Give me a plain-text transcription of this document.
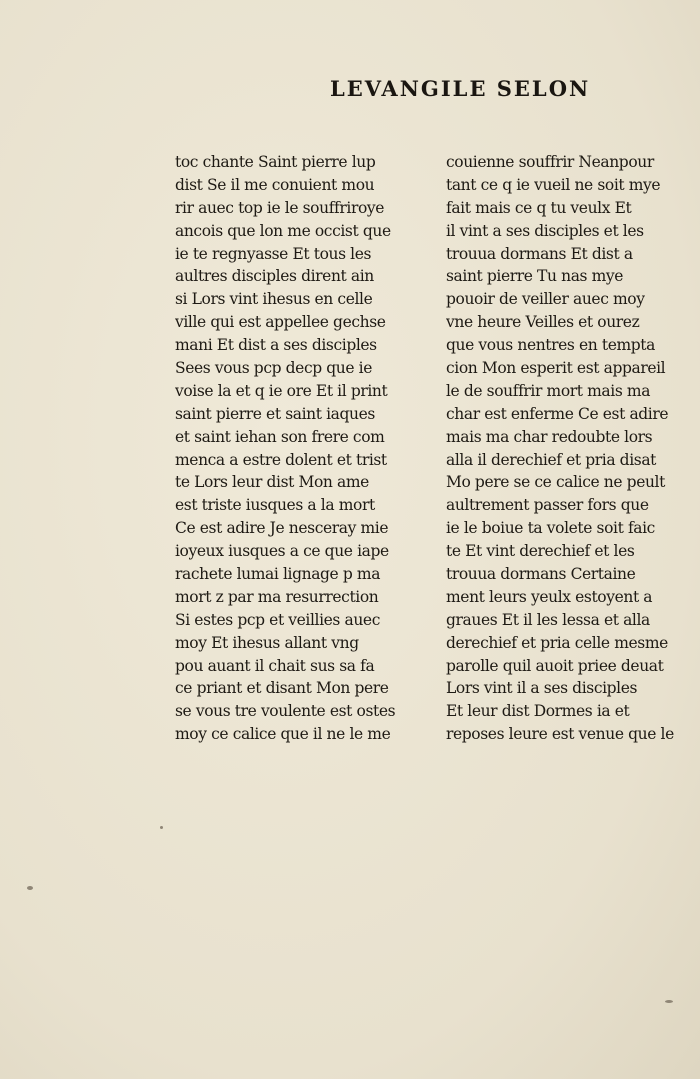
LEVANGILE SELON
toc chante Saint pierre lup
dist Se il me conuient mou
rir auec top ie le souffriroye
ancois que lon me occist que
ie te regnyasse Et tous les
aultres disciples dirent ain
si Lors vint ihesus en celle
ville qui est appellee gechse
mani Et dist a ses disciples
Sees vous pcp decp que ie
voise la et q ie ore Et il print
saint pierre et saint iaques
et saint iehan son frere com
menca a estre dolent et trist
te Lors leur dist Mon ame
est triste iusques a la mort
Ce est adire Je nesceray mie
ioyeux iusques a ce que iape
rachete lumai lignage p ma
mort z par ma resurrection
Si estes pcp et veillies auec
moy Et ihesus allant vng
pou auant il chait sus sa fa
ce priant et disant Mon pere
se vous tre voulente est ostes
moy ce calice que il ne le me
couienne souffrir Neanpour
tant ce q ie vueil ne soit mye
fait mais ce q tu veulx Et
il vint a ses disciples et les
trouua dormans Et dist a
saint pierre Tu nas mye
pouoir de veiller auec moy
vne heure Veilles et ourez
que vous nentres en tempta
cion Mon esperit est appareil
le de souffrir mort mais ma
char est enferme Ce est adire
mais ma char redoubte lors
alla il derechief et pria disat
Mo pere se ce calice ne peult
aultrement passer fors que
ie le boiue ta volete soit faic
te Et vint derechief et les
trouua dormans Certaine
ment leurs yeulx estoyent a
graues Et il les lessa et alla
derechief et pria celle mesme
parolle quil auoit priee deuat
Lors vint il a ses disciples
Et leur dist Dormes ia et
reposes leure est venue que le
